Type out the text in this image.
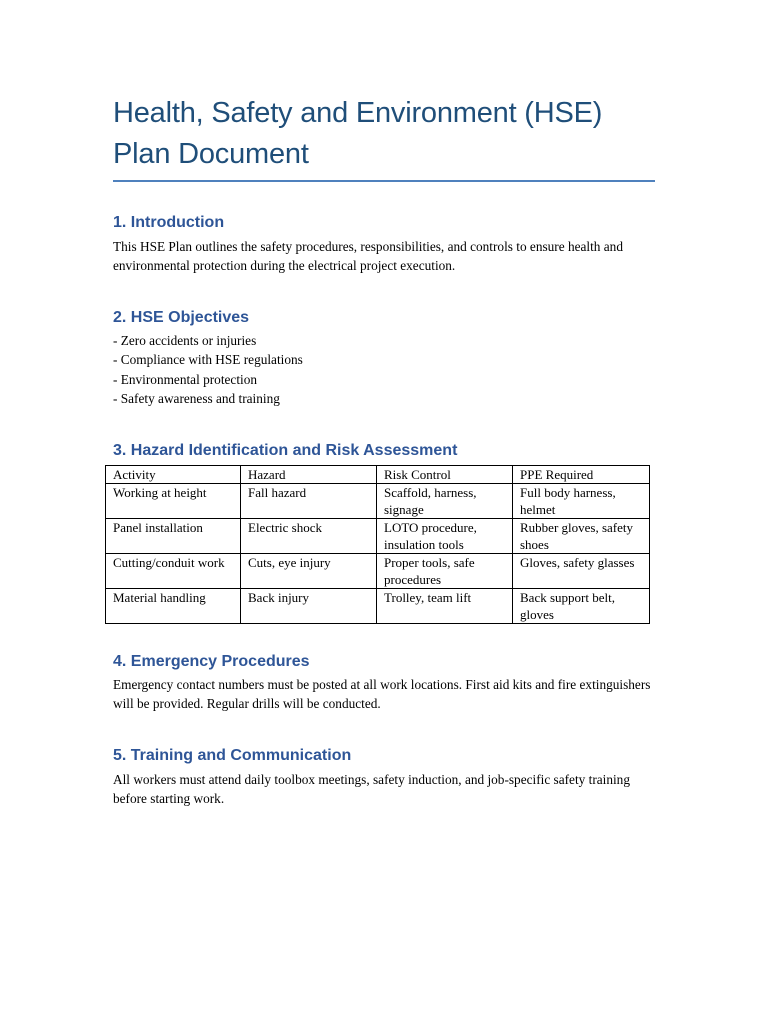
Health, Safety and Environment (HSE) Plan Document
1. Introduction

This HSE Plan outlines the safety procedures, responsibilities, and controls to ensure health and environmental protection during the electrical project execution.

2. HSE Objectives
- Zero accidents or injuries
- Compliance with HSE regulations
- Environmental protection
- Safety awareness and training
3. Hazard Identification and Risk Assessment
Activity	Hazard	Risk Control	PPE Required
Working at height	Fall hazard	Scaffold, harness, signage	Full body harness, helmet
Panel installation	Electric shock	LOTO procedure, insulation tools	Rubber gloves, safety shoes
Cutting/conduit work	Cuts, eye injury	Proper tools, safe procedures	Gloves, safety glasses
Material handling	Back injury	Trolley, team lift	Back support belt, gloves
4. Emergency Procedures

Emergency contact numbers must be posted at all work locations. First aid kits and fire extinguishers will be provided. Regular drills will be conducted.

5. Training and Communication

All workers must attend daily toolbox meetings, safety induction, and job-specific safety training before starting work.
